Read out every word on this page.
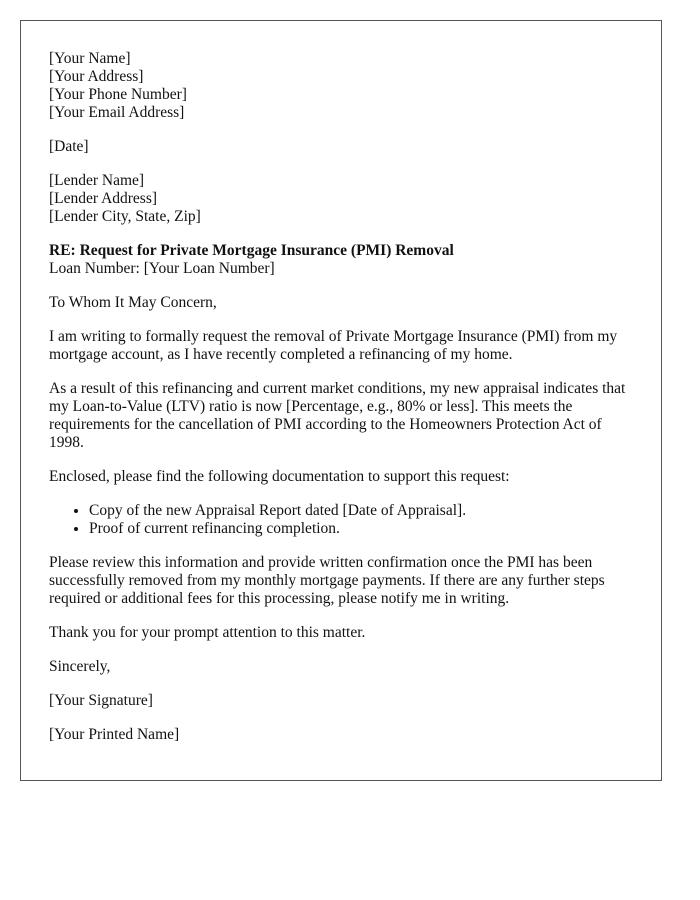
[Your Name]
[Your Address]
[Your Phone Number]
[Your Email Address]

[Date]

[Lender Name]
[Lender Address]
[Lender City, State, Zip]
RE: Request for Private Mortgage Insurance (PMI) Removal
Loan Number: [Your Loan Number]

To Whom It May Concern,

I am writing to formally request the removal of Private Mortgage Insurance (PMI) from my mortgage account, as I have recently completed a refinancing of my home.

As a result of this refinancing and current market conditions, my new appraisal indicates that my Loan-to-Value (LTV) ratio is now [Percentage, e.g., 80% or less]. This meets the requirements for the cancellation of PMI according to the Homeowners Protection Act of 1998.

Enclosed, please find the following documentation to support this request:

• Copy of the new Appraisal Report dated [Date of Appraisal].
• Proof of current refinancing completion.

Please review this information and provide written confirmation once the PMI has been successfully removed from my monthly mortgage payments. If there are any further steps required or additional fees for this processing, please notify me in writing.

Thank you for your prompt attention to this matter.

Sincerely,

[Your Signature]

[Your Printed Name]
